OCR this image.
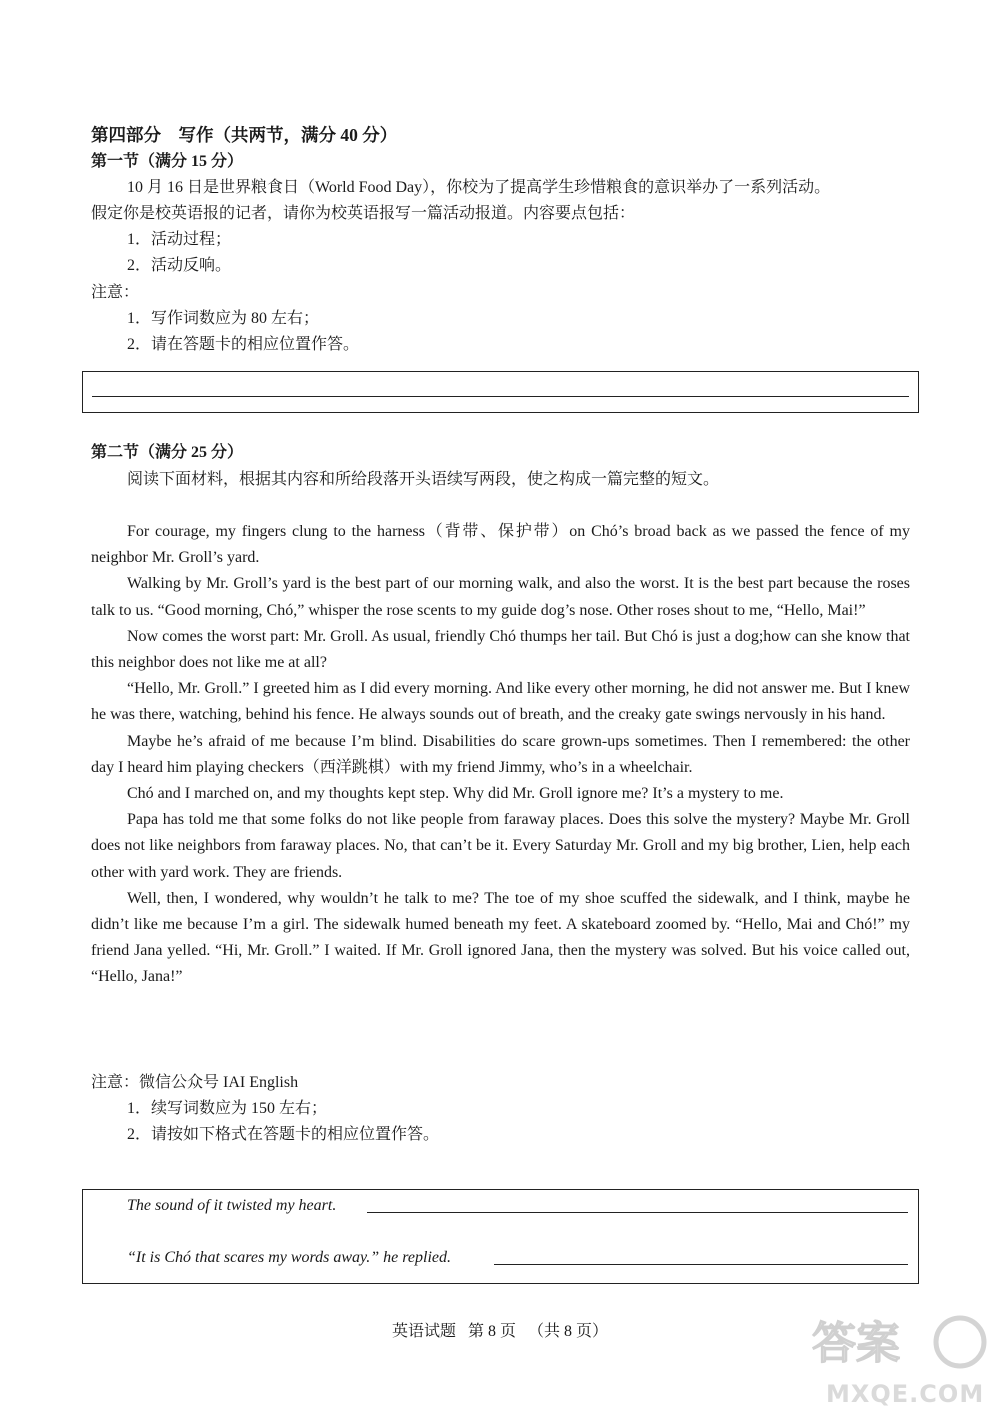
第四部分　写作（共两节，满分 40 分）
第一节（满分 15 分）
10 月 16 日是世界粮食日（World Food Day），你校为了提高学生珍惜粮食的意识举办了一系列活动。
假定你是校英语报的记者，请你为校英语报写一篇活动报道。内容要点包括：
1．活动过程；
2．活动反响。
注意：
1．写作词数应为 80 左右；
2．请在答题卡的相应位置作答。
第二节（满分 25 分）
阅读下面材料，根据其内容和所给段落开头语续写两段，使之构成一篇完整的短文。

For courage, my fingers clung to the harness（背带、保护带）on Chó’s broad back as we passed the fence of my neighbor Mr. Groll’s yard.

Walking by Mr. Groll’s yard is the best part of our morning walk, and also the worst. It is the best part because the roses talk to us. “Good morning, Chó,” whisper the rose scents to my guide dog’s nose. Other roses shout to me, “Hello, Mai!”

Now comes the worst part: Mr. Groll. As usual, friendly Chó thumps her tail. But Chó is just a dog;how can she know that this neighbor does not like me at all?

“Hello, Mr. Groll.” I greeted him as I did every morning. And like every other morning, he did not answer me. But I knew he was there, watching, behind his fence. He always sounds out of breath, and the creaky gate swings nervously in his hand.

Maybe he’s afraid of me because I’m blind. Disabilities do scare grown-ups sometimes. Then I remembered: the other day I heard him playing checkers（西洋跳棋）with my friend Jimmy, who’s in a wheelchair.

Chó and I marched on, and my thoughts kept step. Why did Mr. Groll ignore me? It’s a mystery to me.

Papa has told me that some folks do not like people from faraway places. Does this solve the mystery? Maybe Mr. Groll does not like neighbors from faraway places. No, that can’t be it. Every Saturday Mr. Groll and my big brother, Lien, help each other with yard work. They are friends.

Well, then, I wondered, why wouldn’t he talk to me? The toe of my shoe scuffed the sidewalk, and I think, maybe he didn’t like me because I’m a girl. The sidewalk humed beneath my feet. A skateboard zoomed by. “Hello, Mai and Chó!” my friend Jana yelled. “Hi, Mr. Groll.” I waited. If Mr. Groll ignored Jana, then the mystery was solved. But his voice called out, “Hello, Jana!”

注意：微信公众号 IAI English
1．续写词数应为 150 左右；
2．请按如下格式在答题卡的相应位置作答。
The sound of it twisted my heart.
“It is Chó that scares my words away.” he replied.
英语试题 第 8 页 （共 8 页）	答案
MXQE.COM
